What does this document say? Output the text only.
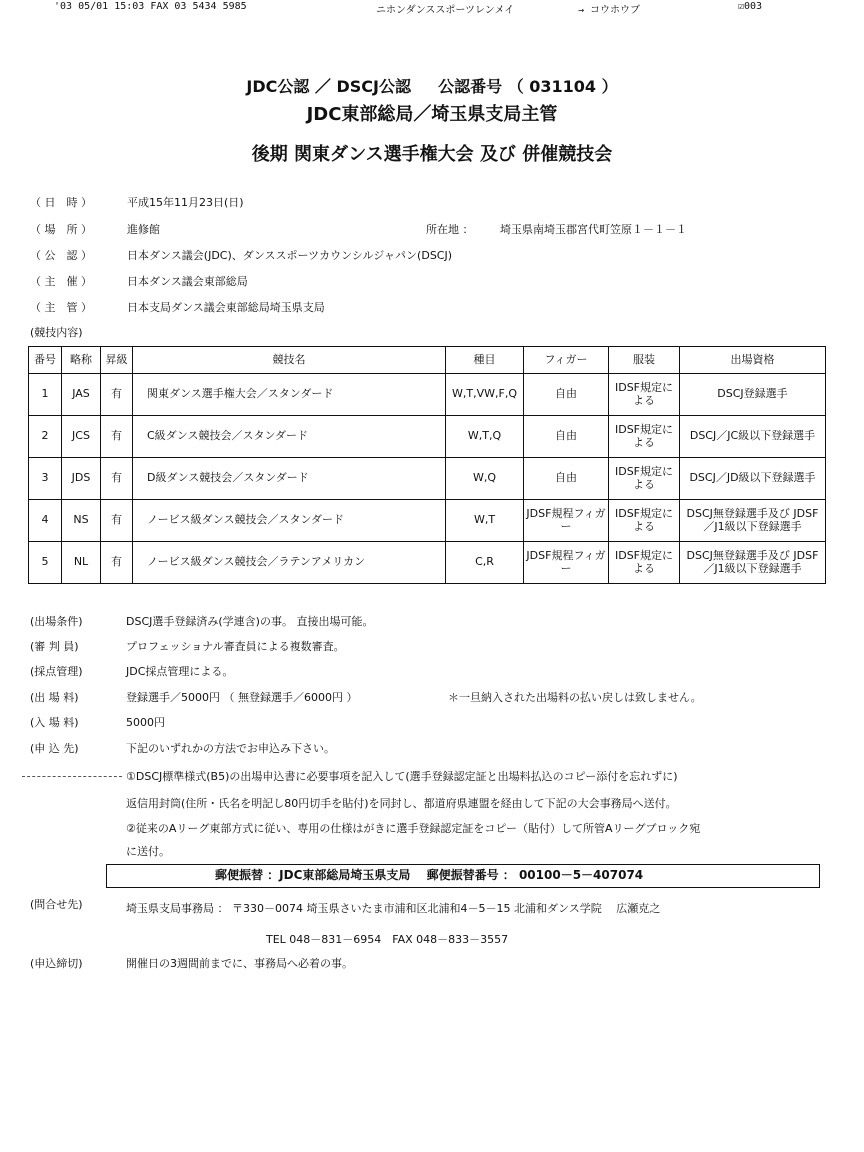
'03 05/01 15:03 FAX 03 5434 5985	ニホンダンススポーツレンメイ	→ コウホウブ	☑003
JDC公認 ／ DSCJ公認 　 公認番号 （ 031104 ）
JDC東部総局／埼玉県支局主管
後期 関東ダンス選手権大会 及び 併催競技会
（ 日　時 ）	平成15年11月23日(日)
（ 場　所 ）	進修館	所在地 ： 埼玉県南埼玉郡宮代町笠原１－１－１
（ 公　認 ）	日本ダンス議会(JDC)、ダンススポーツカウンシルジャパン(DSCJ)
（ 主　催 ）	日本ダンス議会東部総局
（ 主　管 ）	日本支局ダンス議会東部総局埼玉県支局
(競技内容)
番号	略称	昇級	競技名	種目	フィガー	服装	出場資格
1	JAS	有	関東ダンス選手権大会／スタンダード	W,T,VW,F,Q	自由	IDSF規定による	DSCJ登録選手
2	JCS	有	C級ダンス競技会／スタンダード	W,T,Q	自由	IDSF規定による	DSCJ／JC級以下登録選手
3	JDS	有	D級ダンス競技会／スタンダード	W,Q	自由	IDSF規定による	DSCJ／JD級以下登録選手
4	NS	有	ノービス級ダンス競技会／スタンダード	W,T	JDSF規程フィガー	IDSF規定による	DSCJ無登録選手及び JDSF／J1級以下登録選手
5	NL	有	ノービス級ダンス競技会／ラテンアメリカン	C,R	JDSF規程フィガー	IDSF規定による	DSCJ無登録選手及び JDSF／J1級以下登録選手
(出場条件)	DSCJ選手登録済み(学連含)の事。 直接出場可能。
(審 判 員)	プロフェッショナル審査員による複数審査。
(採点管理)	JDC採点管理による。
(出 場 料)	登録選手／5000円 （ 無登録選手／6000円 ）	＊一旦納入された出場料の払い戻しは致しません。
(入 場 料)	5000円
(申 込 先)	下記のいずれかの方法でお申込み下さい。
①DSCJ標準様式(B5)の出場申込書に必要事項を記入して(選手登録認定証と出場料払込のコピー添付を忘れずに)
返信用封筒(住所・氏名を明記し80円切手を貼付)を同封し、都道府県連盟を経由して下記の大会事務局へ送付。
②従来のAリーグ東部方式に従い、専用の仕様はがきに選手登録認定証をコピー（貼付）して所管Aリーグブロック宛
に送付。
郵便振替 ：JDC東部総局埼玉県支局　 郵便振替番号 ： 00100－5－407074
(問合せ先)	埼玉県支局事務局 ： 〒330－0074 埼玉県さいたま市浦和区北浦和4－5－15 北浦和ダンス学院　 広瀬克之
TEL 048－831－6954　FAX 048－833－3557
(申込締切)	開催日の3週間前までに、事務局へ必着の事。
